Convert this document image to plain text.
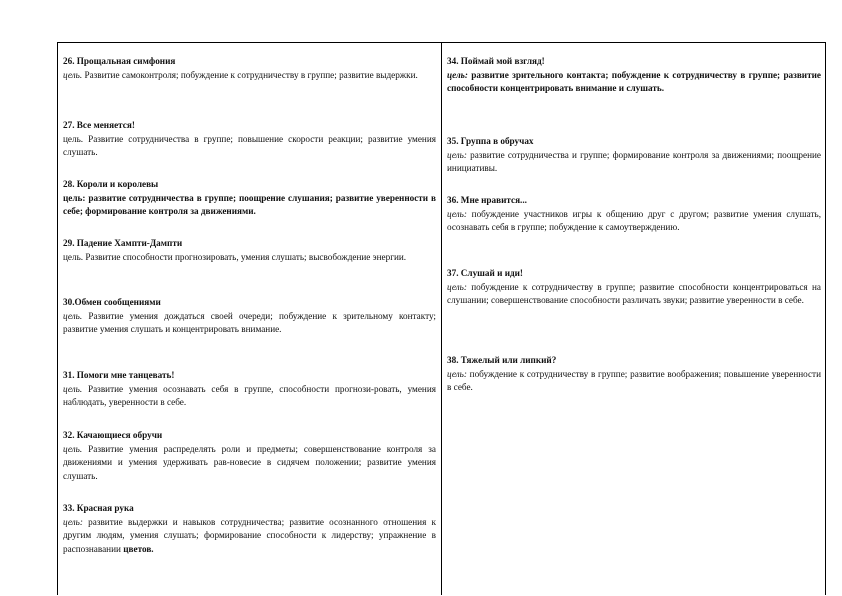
26. Прощальная симфония

цель. Развитие самоконтроля; побуждение к сотрудничеству в группе; развитие выдержки.

27. Все меняется!

цель. Развитие сотрудничества в группе; повышение скорости реакции; развитие умения слушать.

28. Короли и королевы

цель: развитие сотрудничества в группе; поощрение слушания; развитие уверенности в себе; формирование контроля за движениями.

29. Падение Хампти-Дампти

цель. Развитие способности прогнозировать, умения слушать; высвобождение энергии.

30.Обмен сообщениями

цель. Развитие умения дождаться своей очереди; побуждение к зрительному контакту; развитие умения слушать и концентрировать внимание.

31. Помоги мне танцевать!

цель. Развитие умения осознавать себя в группе, способности прогнози-ровать, умения наблюдать, уверенности в себе.

32. Качающиеся обручи

цель. Развитие умения распределять роли и предметы; совершенствование контроля за движениями и умения удерживать рав-новесие в сидячем положении; развитие умения слушать.

33. Красная рука

цель: развитие выдержки и навыков сотрудничества; развитие осознанного отношения к другим людям, умения слушать; формирование способности к лидерству; упражнение в распознавании цветов.

34. Поймай мой взгляд!

цель: развитие зрительного контакта; побуждение к сотрудничеству в группе; развитие способности концентрировать внимание и слушать.

35. Группа в обручах

цель: развитие сотрудничества и группе; формирование контроля за движениями; поощрение инициативы.

36. Мне нравится...

цель: побуждение участников игры к общению друг с другом; развитие умения слушать, осознавать себя в группе; побуждение к самоутверждению.

37. Слушай и иди!

цель: побуждение к сотрудничеству в группе; развитие способности концентрироваться на слушании; совершенствование способности различать звуки; развитие уверенности в себе.

38. Тяжелый или липкий?

цель: побуждение к сотрудничеству в группе; развитие воображения; повышение уверенности в себе.
